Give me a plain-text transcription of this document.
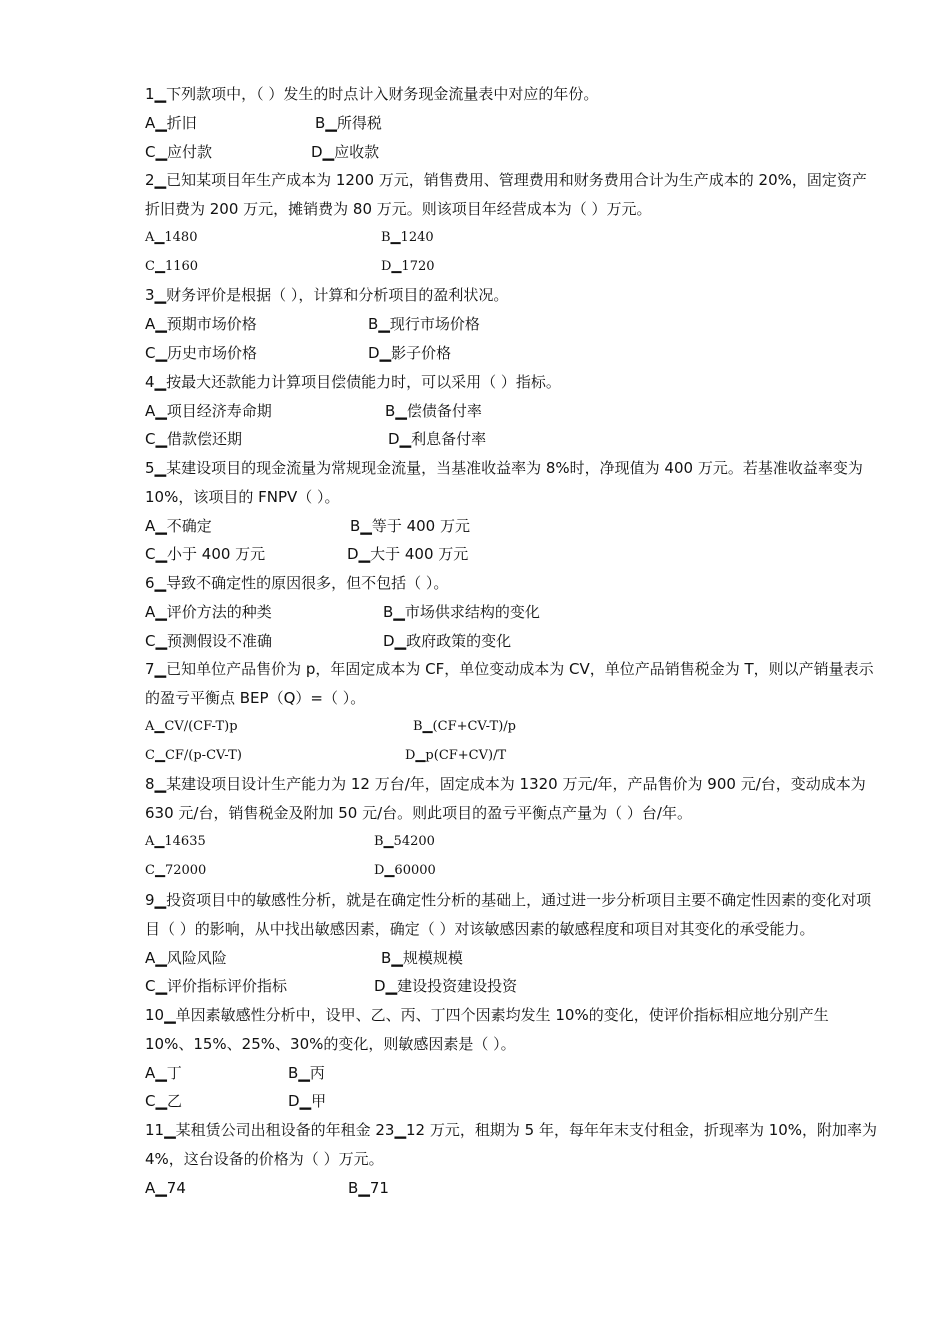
1▁下列款项中，（ ）发生的时点计入财务现金流量表中对应的年份。

A▁折旧	B▁所得税
C▁应付款	D▁应收款

2▁已知某项目年生产成本为 1200 万元，销售费用、管理费用和财务费用合计为生产成本的 20%，固定资产折旧费为 200 万元，摊销费为 80 万元。则该项目年经营成本为（ ）万元。

A▁1480	B▁1240
C▁1160	D▁1720

3▁财务评价是根据（ ），计算和分析项目的盈利状况。

A▁预期市场价格	B▁现行市场价格
C▁历史市场价格	D▁影子价格

4▁按最大还款能力计算项目偿债能力时，可以采用（ ）指标。

A▁项目经济寿命期	B▁偿债备付率
C▁借款偿还期	D▁利息备付率

5▁某建设项目的现金流量为常规现金流量，当基准收益率为 8%时，净现值为 400 万元。若基准收益率变为 10%，该项目的 FNPV（ ）。

A▁不确定	B▁等于 400 万元
C▁小于 400 万元	D▁大于 400 万元

6▁导致不确定性的原因很多，但不包括（ ）。

A▁评价方法的种类	B▁市场供求结构的变化
C▁预测假设不准确	D▁政府政策的变化

7▁已知单位产品售价为 p，年固定成本为 CF，单位变动成本为 CV，单位产品销售税金为 T，则以产销量表示的盈亏平衡点 BEP（Q）=（ ）。

A▁CV/(CF-T)p	B▁(CF+CV-T)/p
C▁CF/(p-CV-T)	D▁p(CF+CV)/T

8▁某建设项目设计生产能力为 12 万台/年，固定成本为 1320 万元/年，产品售价为 900 元/台，变动成本为 630 元/台，销售税金及附加 50 元/台。则此项目的盈亏平衡点产量为（ ）台/年。

A▁14635	B▁54200
C▁72000	D▁60000

9▁投资项目中的敏感性分析，就是在确定性分析的基础上，通过进一步分析项目主要不确定性因素的变化对项目（ ）的影响，从中找出敏感因素，确定（ ）对该敏感因素的敏感程度和项目对其变化的承受能力。

A▁风险风险	B▁规模规模
C▁评价指标评价指标	D▁建设投资建设投资

10▁单因素敏感性分析中，设甲、乙、丙、丁四个因素均发生 10%的变化，使评价指标相应地分别产生 10%、15%、25%、30%的变化，则敏感因素是（ ）。

A▁丁	B▁丙
C▁乙	D▁甲

11▁某租赁公司出租设备的年租金 23▁12 万元，租期为 5 年，每年年末支付租金，折现率为 10%，附加率为 4%，这台设备的价格为（ ）万元。

A▁74	B▁71
